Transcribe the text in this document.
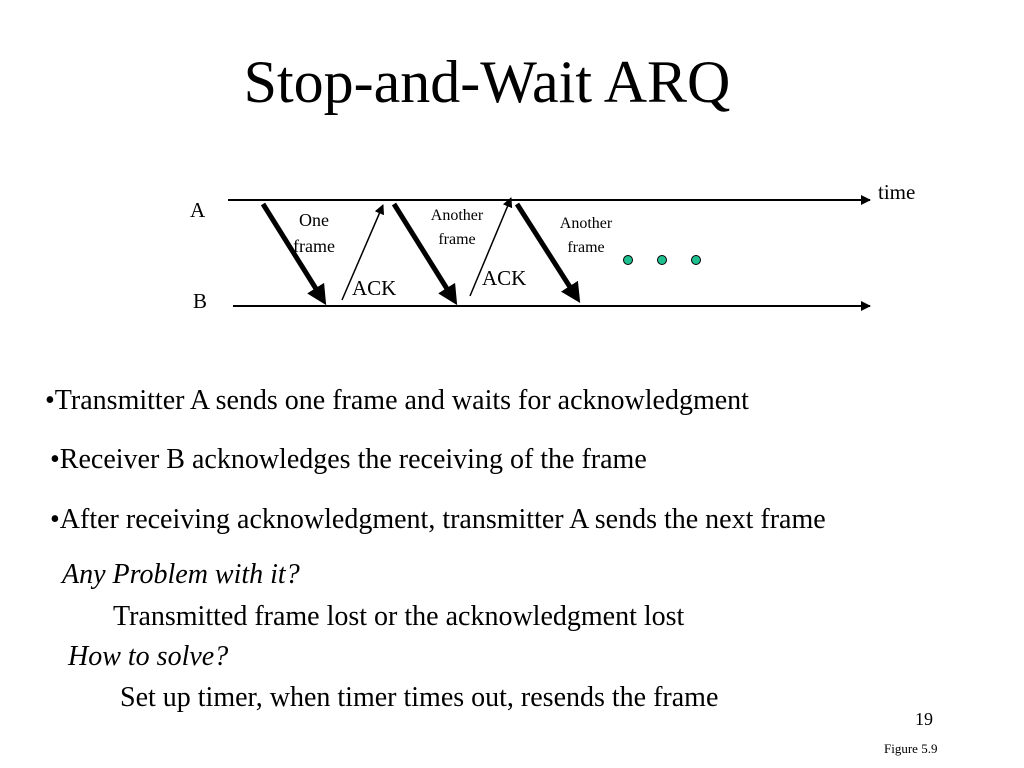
Stop-and-Wait ARQ
time
A
B
One
frame
Another
frame
Another
frame
ACK	ACK
•Transmitter A sends one frame and waits for acknowledgment
•Receiver B acknowledges the receiving of the frame
•After receiving acknowledgment, transmitter A sends the next frame
Any Problem with it?
Transmitted frame lost or the acknowledgment lost
How to solve?
Set up timer, when timer times out, resends the frame
19
Figure 5.9
